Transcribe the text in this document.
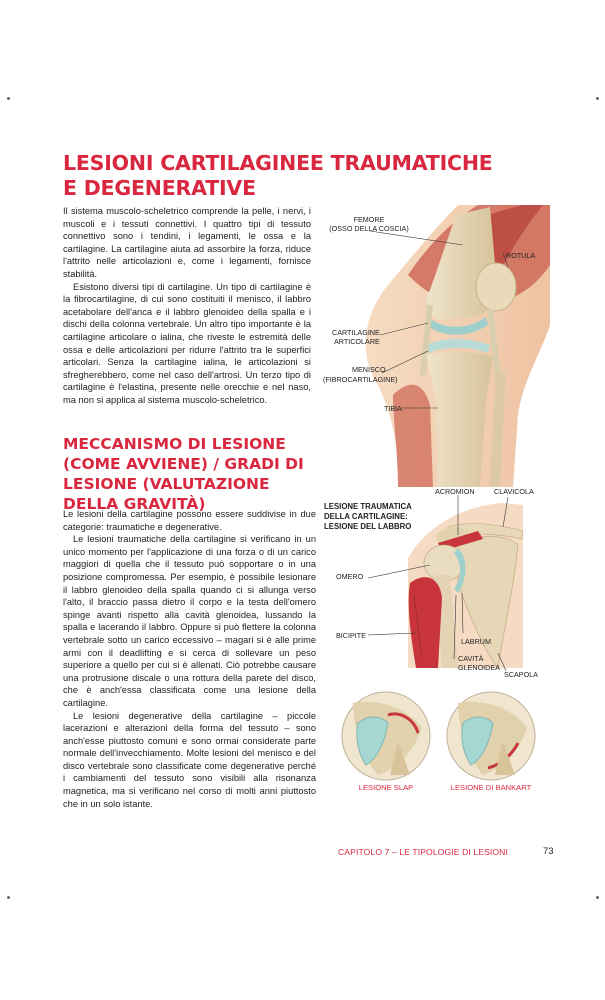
LESIONI CARTILAGINEE TRAUMATICHE E DEGENERATIVE

Il sistema muscolo-scheletrico comprende la pelle, i nervi, i muscoli e i tessuti connettivi. I quattro tipi di tessuto connettivo sono i tendini, i legamenti, le ossa e la cartilagine. La cartilagine aiuta ad assorbire la forza, riduce l'attrito nelle articolazioni e, come i legamenti, fornisce stabilità.

Esistono diversi tipi di cartilagine. Un tipo di cartilagine è la fibrocartilagine, di cui sono costituiti il menisco, il labbro acetabolare dell'anca e il labbro glenoideo della spalla e i dischi della colonna vertebrale. Un altro tipo importante è la cartilagine articolare o ialina, che riveste le estremità delle ossa e delle articolazioni per ridurre l'attrito tra le superfici articolari. Senza la cartilagine ialina, le articolazioni si sfregherebbero, come nel caso dell'artrosi. Un terzo tipo di cartilagine è l'elastina, presente nelle orecchie e nel naso, ma non si applica al sistema muscolo-scheletrico.

FEMORE
(OSSO DELLA COSCIA)
ROTULA
CARTILAGINE
ARTICOLARE
MENISCO
(FIBROCARTILAGINE)
TIBIA
MECCANISMO DI LESIONE (COME AVVIENE) / GRADI DI LESIONE (VALUTAZIONE DELLA GRAVITÀ)

Le lesioni della cartilagine possono essere suddivise in due categorie: traumatiche e degenerative.

Le lesioni traumatiche della cartilagine si verificano in un unico momento per l'applicazione di una forza o di un carico maggiori di quella che il tessuto può sopportare o in una posizione compromessa. Per esempio, è possibile lesionare il labbro glenoideo della spalla quando ci si allunga verso l'alto, il braccio passa dietro il corpo e la testa dell'omero spinge avanti rispetto alla cavità glenoidea, lussando la spalla e lacerando il labbro. Oppure si può flettere la colonna vertebrale sotto un carico eccessivo – magari si è alle prime armi con il deadlifting e si cerca di sollevare un peso superiore a quello per cui si è allenati. Ciò potrebbe causare una protrusione discale o una rottura della parete del disco, che è anch'essa classificata come una lesione della cartilagine.

Le lesioni degenerative della cartilagine – piccole lacerazioni e alterazioni della forma del tessuto – sono anch'esse piuttosto comuni e sono ormai considerate parte normale dell'invecchiamento. Molte lesioni del menisco e del disco vertebrale sono classificate come degenerative perché i cambiamenti del tessuto sono visibili alla risonanza magnetica, ma si verificano nel corso di molti anni piuttosto che in un solo istante.

LESIONE TRAUMATICA
DELLA CARTILAGINE:
LESIONE DEL LABBRO
ACROMION	CLAVICOLA
OMERO
BICIPITE
LABRUM
CAVITÀ
GLENOIDEA
SCAPOLA
LESIONE SLAP	LESIONE DI BANKART
CAPITOLO 7 – LE TIPOLOGIE DI LESIONI	73
